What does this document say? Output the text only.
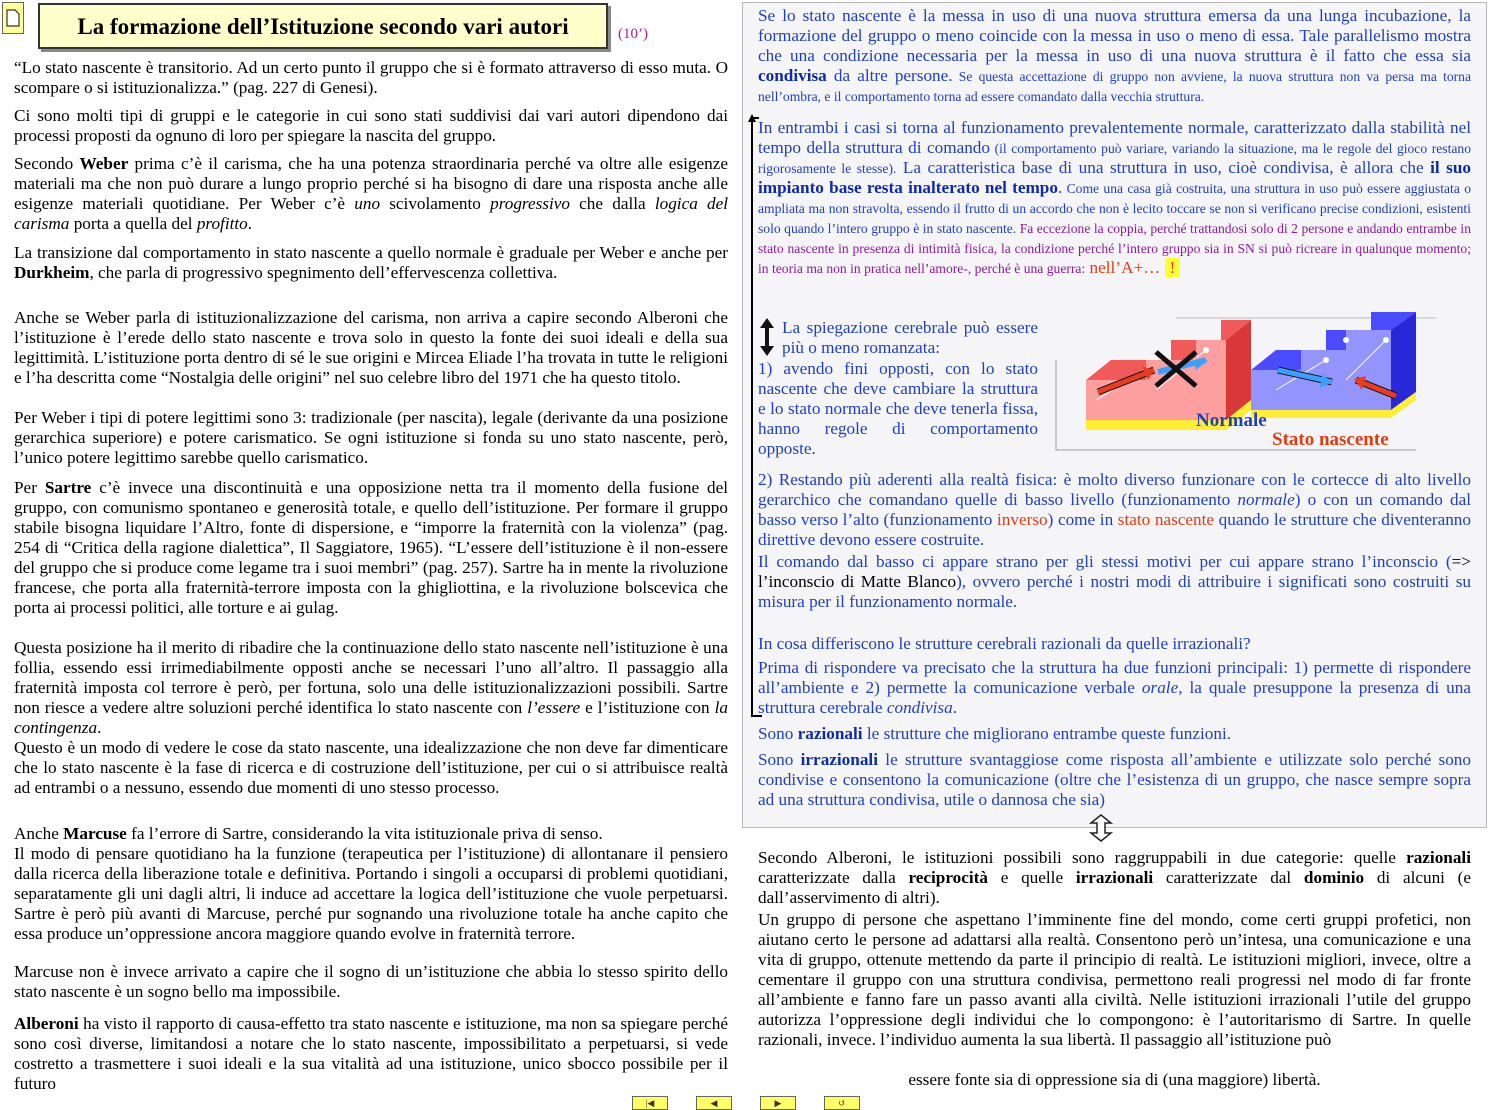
La formazione dell’Istituzione secondo vari autori	(10’)
“Lo stato nascente è transitorio. Ad un certo punto il gruppo che si è formato attraverso di esso muta. O scompare o si istituzionalizza.” (pag. 227 di Genesi).
Ci sono molti tipi di gruppi e le categorie in cui sono stati suddivisi dai vari autori dipendono dai processi proposti da ognuno di loro per spiegare la nascita del gruppo.
Secondo Weber prima c’è il carisma, che ha una potenza straordinaria perché va oltre alle esigenze materiali ma che non può durare a lungo proprio perché si ha bisogno di dare una risposta anche alle esigenze materiali quotidiane. Per Weber c’è uno scivolamento progressivo che dalla logica del carisma porta a quella del profitto.
La transizione dal comportamento in stato nascente a quello normale è graduale per Weber e anche per Durkheim, che parla di progressivo spegnimento dell’effervescenza collettiva.
Anche se Weber parla di istituzionalizzazione del carisma, non arriva a capire secondo Alberoni che l’istituzione è l’erede dello stato nascente e trova solo in questo la fonte dei suoi ideali e della sua legittimità. L’istituzione porta dentro di sé le sue origini e Mircea Eliade l’ha trovata in tutte le religioni e l’ha descritta come “Nostalgia delle origini” nel suo celebre libro del 1971 che ha questo titolo.
Per Weber i tipi di potere legittimi sono 3: tradizionale (per nascita), legale (derivante da una posizione gerarchica superiore) e potere carismatico. Se ogni istituzione si fonda su uno stato nascente, però, l’unico potere legittimo sarebbe quello carismatico.
Per Sartre c’è invece una discontinuità e una opposizione netta tra il momento della fusione del gruppo, con comunismo spontaneo e generosità totale, e quello dell’istituzione. Per formare il gruppo stabile bisogna liquidare l’Altro, fonte di dispersione, e “imporre la fraternità con la violenza” (pag. 254 di “Critica della ragione dialettica”, Il Saggiatore, 1965). “L’essere dell’istituzione è il non-essere del gruppo che si produce come legame tra i suoi membri” (pag. 257). Sartre ha in mente la rivoluzione francese, che porta alla fraternità-terrore imposta con la ghigliottina, e la rivoluzione bolscevica che porta ai processi politici, alle torture e ai gulag.
Questa posizione ha il merito di ribadire che la continuazione dello stato nascente nell’istituzione è una follia, essendo essi irrimediabilmente opposti anche se necessari l’uno all’altro. Il passaggio alla fraternità imposta col terrore è però, per fortuna, solo una delle istituzionalizzazioni possibili. Sartre non riesce a vedere altre soluzioni perché identifica lo stato nascente con l’essere e l’istituzione con la contingenza.
Questo è un modo di vedere le cose da stato nascente, una idealizzazione che non deve far dimenticare che lo stato nascente è la fase di ricerca e di costruzione dell’istituzione, per cui o si attribuisce realtà ad entrambi o a nessuno, essendo due momenti di uno stesso processo.
Anche Marcuse fa l’errore di Sartre, considerando la vita istituzionale priva di senso.
Il modo di pensare quotidiano ha la funzione (terapeutica per l’istituzione) di allontanare il pensiero dalla ricerca della liberazione totale e definitiva. Portando i singoli a occuparsi di problemi quotidiani, separatamente gli uni dagli altri, li induce ad accettare la logica dell’istituzione che vuole perpetuarsi. Sartre è però più avanti di Marcuse, perché pur sognando una rivoluzione totale ha anche capito che essa produce un’oppressione ancora maggiore quando evolve in fraternità terrore.
Marcuse non è invece arrivato a capire che il sogno di un’istituzione che abbia lo stesso spirito dello stato nascente è un sogno bello ma impossibile.
Alberoni ha visto il rapporto di causa-effetto tra stato nascente e istituzione, ma non sa spiegare perché sono così diverse, limitandosi a notare che lo stato nascente, impossibilitato a perpetuarsi, si vede costretto a trasmettere i suoi ideali e la sua vitalità ad una istituzione, unico sbocco possibile per il futuro
Se lo stato nascente è la messa in uso di una nuova struttura emersa da una lunga incubazione, la formazione del gruppo o meno coincide con la messa in uso o meno di essa. Tale parallelismo mostra che una condizione necessaria per la messa in uso di una nuova struttura è il fatto che essa sia condivisa da altre persone. Se questa accettazione di gruppo non avviene, la nuova struttura non va persa ma torna nell’ombra, e il comportamento torna ad essere comandato dalla vecchia struttura.
In entrambi i casi si torna al funzionamento prevalentemente normale, caratterizzato dalla stabilità nel tempo della struttura di comando (il comportamento può variare, variando la situazione, ma le regole del gioco restano rigorosamente le stesse). La caratteristica base di una struttura in uso, cioè condivisa, è allora che il suo impianto base resta inalterato nel tempo. Come una casa già costruita, una struttura in uso può essere aggiustata o ampliata ma non stravolta, essendo il frutto di un accordo che non è lecito toccare se non si verificano precise condizioni, esistenti solo quando l’intero gruppo è in stato nascente. Fa eccezione la coppia, perché trattandosi solo di 2 persone e andando entrambe in stato nascente in presenza di intimità fisica, la condizione perché l’intero gruppo sia in SN si può ricreare in qualunque momento; in teoria ma non in pratica nell’amore-, perché è una guerra: nell’A+… !
La spiegazione cerebrale può essere più o meno romanzata:
1) avendo fini opposti, con lo stato nascente che deve cambiare la struttura e lo stato normale che deve tenerla fissa, hanno regole di comportamento opposte.
Normale
Stato nascente
2) Restando più aderenti alla realtà fisica: è molto diverso funzionare con le cortecce di alto livello gerarchico che comandano quelle di basso livello (funzionamento normale) o con un comando dal basso verso l’alto (funzionamento inverso) come in stato nascente quando le strutture che diventeranno direttive devono essere costruite.
Il comando dal basso ci appare strano per gli stessi motivi per cui appare strano l’inconscio (=> l’inconscio di Matte Blanco), ovvero perché i nostri modi di attribuire i significati sono costruiti su misura per il funzionamento normale.
In cosa differiscono le strutture cerebrali razionali da quelle irrazionali?
Prima di rispondere va precisato che la struttura ha due funzioni principali: 1) permette di rispondere all’ambiente e 2) permette la comunicazione verbale orale, la quale presuppone la presenza di una struttura cerebrale condivisa.
Sono razionali le strutture che migliorano entrambe queste funzioni.
Sono irrazionali le strutture svantaggiose come risposta all’ambiente e utilizzate solo perché sono condivise e consentono la comunicazione (oltre che l’esistenza di un gruppo, che nasce sempre sopra ad una struttura condivisa, utile o dannosa che sia)
Secondo Alberoni, le istituzioni possibili sono raggruppabili in due categorie: quelle razionali caratterizzate dalla reciprocità e quelle irrazionali caratterizzate dal dominio di alcuni (e dall’asservimento di altri).
Un gruppo di persone che aspettano l’imminente fine del mondo, come certi gruppi profetici, non aiutano certo le persone ad adattarsi alla realtà. Consentono però un’intesa, una comunicazione e una vita di gruppo, ottenute mettendo da parte il principio di realtà. Le istituzioni migliori, invece, oltre a cementare il gruppo con una struttura condivisa, permettono reali progressi nel modo di far fronte all’ambiente e fanno fare un passo avanti alla civiltà. Nelle istituzioni irrazionali l’utile del gruppo autorizza l’oppressione degli individui che lo compongono: è l’autoritarismo di Sartre. In quelle razionali, invece. l’individuo aumenta la sua libertà. Il passaggio all’istituzione può
essere fonte sia di oppressione sia di (una maggiore) libertà.
|◀	◀	▶	↺
